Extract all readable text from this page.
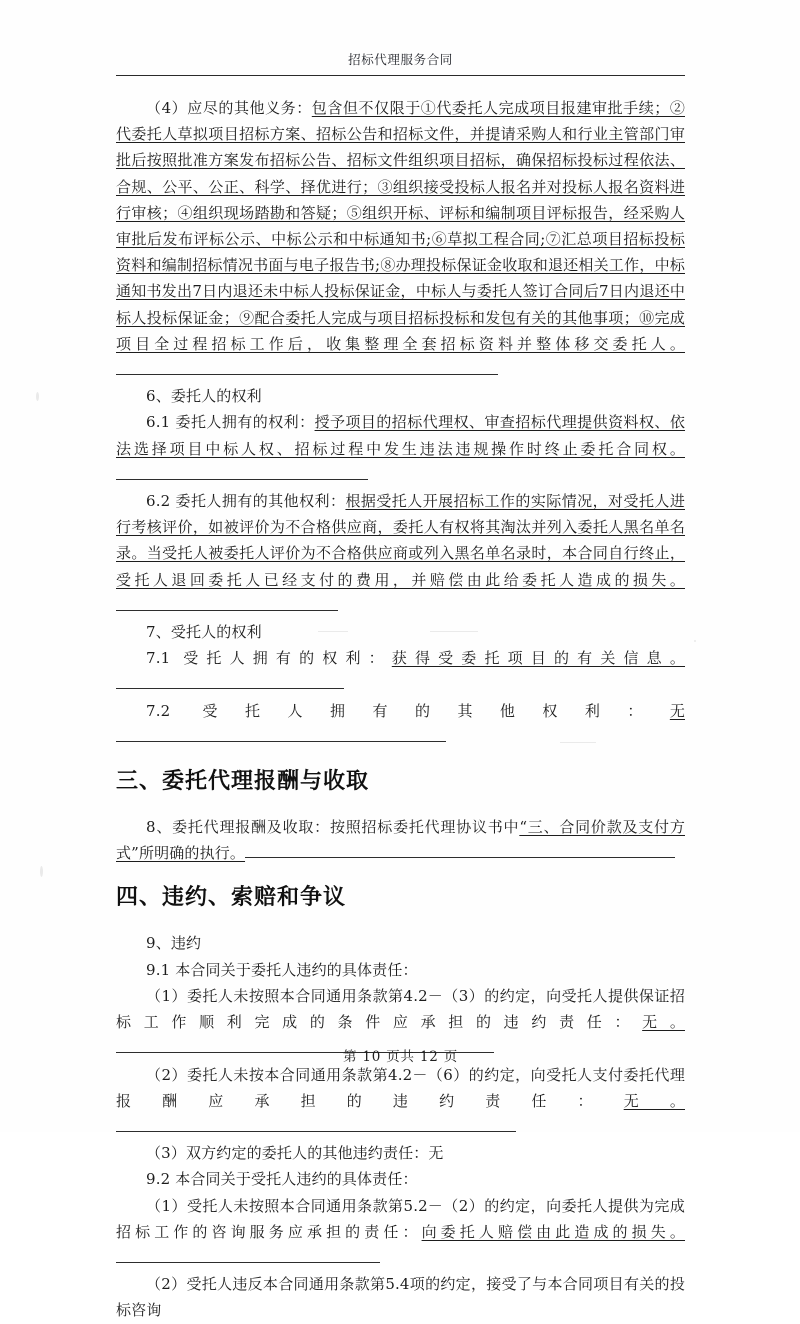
招标代理服务合同

（4）应尽的其他义务：包含但不仅限于①代委托人完成项目报建审批手续；②代委托人草拟项目招标方案、招标公告和招标文件，并提请采购人和行业主管部门审批后按照批准方案发布招标公告、招标文件组织项目招标，确保招标投标过程依法、合规、公平、公正、科学、择优进行；③组织接受投标人报名并对投标人报名资料进行审核；④组织现场踏勘和答疑；⑤组织开标、评标和编制项目评标报告，经采购人审批后发布评标公示、中标公示和中标通知书;⑥草拟工程合同;⑦汇总项目招标投标资料和编制招标情况书面与电子报告书;⑧办理投标保证金收取和退还相关工作，中标通知书发出7日内退还未中标人投标保证金，中标人与委托人签订合同后7日内退还中标人投标保证金；⑨配合委托人完成与项目招标投标和发包有关的其他事项；⑩完成项目全过程招标工作后，收集整理全套招标资料并整体移交委托人。

6、委托人的权利

6.1 委托人拥有的权利：授予项目的招标代理权、审查招标代理提供资料权、依法选择项目中标人权、招标过程中发生违法违规操作时终止委托合同权。

6.2 委托人拥有的其他权利：根据受托人开展招标工作的实际情况，对受托人进行考核评价，如被评价为不合格供应商，委托人有权将其淘汰并列入委托人黑名单名录。当受托人被委托人评价为不合格供应商或列入黑名单名录时，本合同自行终止，受托人退回委托人已经支付的费用，并赔偿由此给委托人造成的损失。

7、受托人的权利

7.1 受托人拥有的权利：获得受委托项目的有关信息。

7.2 受托人拥有的其他权利：无

三、委托代理报酬与收取

8、委托代理报酬及收取：按照招标委托代理协议书中“三、合同价款及支付方式”所明确的执行。

四、违约、索赔和争议

9、违约

9.1 本合同关于委托人违约的具体责任：

（1）委托人未按照本合同通用条款第4.2－（3）的约定，向受托人提供保证招标工作顺利完成的条件应承担的违约责任：无。

（2）委托人未按本合同通用条款第4.2－（6）的约定，向受托人支付委托代理报酬应承担的违约责任：无。

（3）双方约定的委托人的其他违约责任：无

9.2 本合同关于受托人违约的具体责任：

（1）受托人未按照本合同通用条款第5.2－（2）的约定，向委托人提供为完成招标工作的咨询服务应承担的责任：向委托人赔偿由此造成的损失。

（2）受托人违反本合同通用条款第5.4项的约定，接受了与本合同项目有关的投标咨询

第 10 页共 12 页
